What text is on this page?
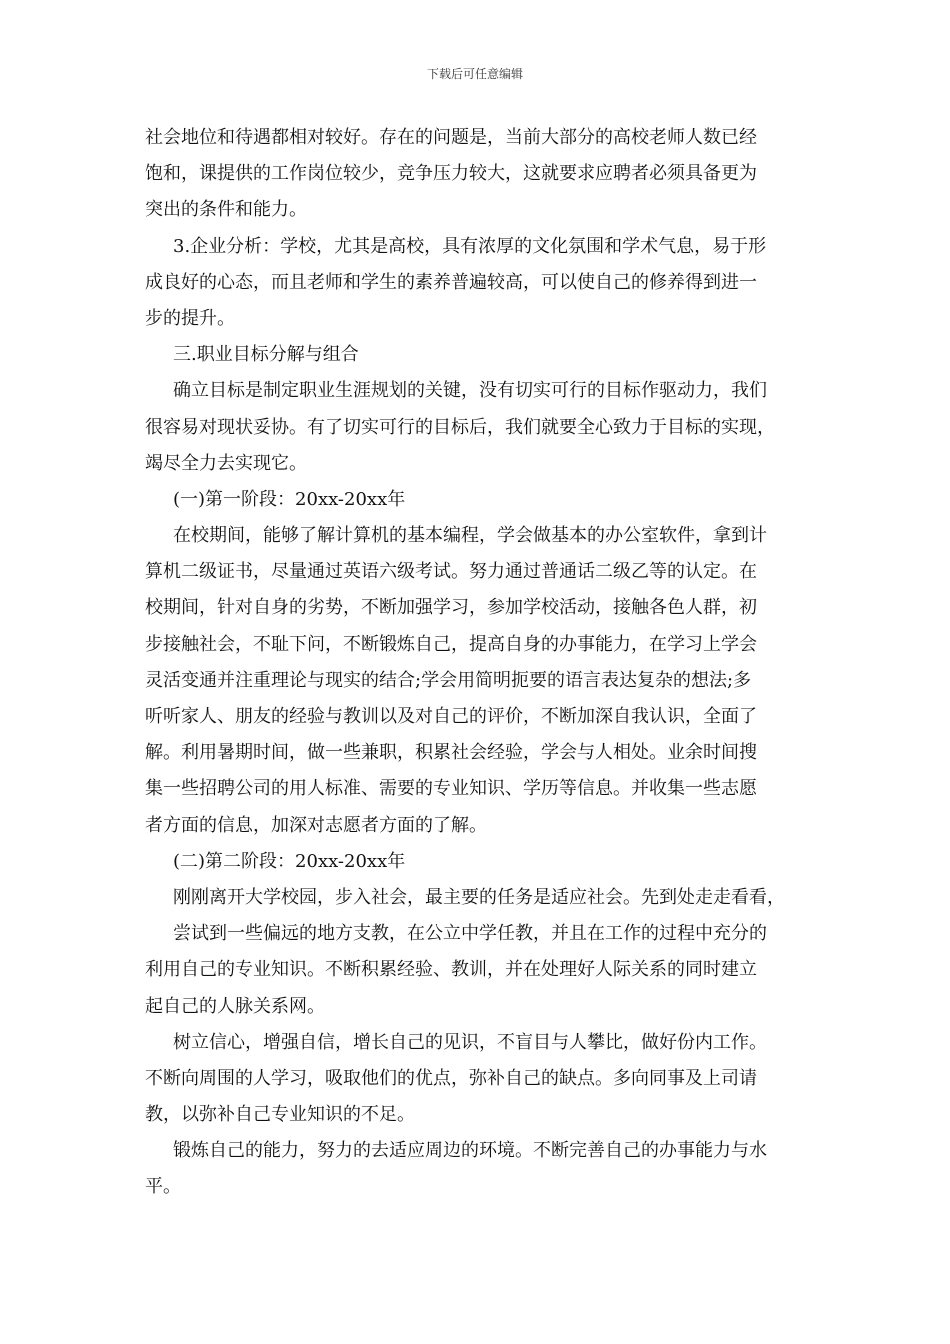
下载后可任意编辑
社会地位和待遇都相对较好。存在的问题是，当前大部分的高校老师人数已经
饱和，课提供的工作岗位较少，竞争压力较大，这就要求应聘者必须具备更为
突出的条件和能力。
3.企业分析：学校，尤其是高校，具有浓厚的文化氛围和学术气息，易于形
成良好的心态，而且老师和学生的素养普遍较高，可以使自己的修养得到进一
步的提升。
三.职业目标分解与组合
确立目标是制定职业生涯规划的关键，没有切实可行的目标作驱动力，我们
很容易对现状妥协。有了切实可行的目标后，我们就要全心致力于目标的实现，
竭尽全力去实现它。
(一)第一阶段：20xx-20xx年
在校期间，能够了解计算机的基本编程，学会做基本的办公室软件，拿到计
算机二级证书，尽量通过英语六级考试。努力通过普通话二级乙等的认定。在
校期间，针对自身的劣势，不断加强学习，参加学校活动，接触各色人群，初
步接触社会，不耻下问，不断锻炼自己，提高自身的办事能力，在学习上学会
灵活变通并注重理论与现实的结合;学会用简明扼要的语言表达复杂的想法;多
听听家人、朋友的经验与教训以及对自己的评价，不断加深自我认识，全面了
解。利用暑期时间，做一些兼职，积累社会经验，学会与人相处。业余时间搜
集一些招聘公司的用人标准、需要的专业知识、学历等信息。并收集一些志愿
者方面的信息，加深对志愿者方面的了解。
(二)第二阶段：20xx-20xx年
刚刚离开大学校园，步入社会，最主要的任务是适应社会。先到处走走看看，
尝试到一些偏远的地方支教，在公立中学任教，并且在工作的过程中充分的
利用自己的专业知识。不断积累经验、教训，并在处理好人际关系的同时建立
起自己的人脉关系网。
树立信心，增强自信，增长自己的见识，不盲目与人攀比，做好份内工作。
不断向周围的人学习，吸取他们的优点，弥补自己的缺点。多向同事及上司请
教，以弥补自己专业知识的不足。
锻炼自己的能力，努力的去适应周边的环境。不断完善自己的办事能力与水
平。
